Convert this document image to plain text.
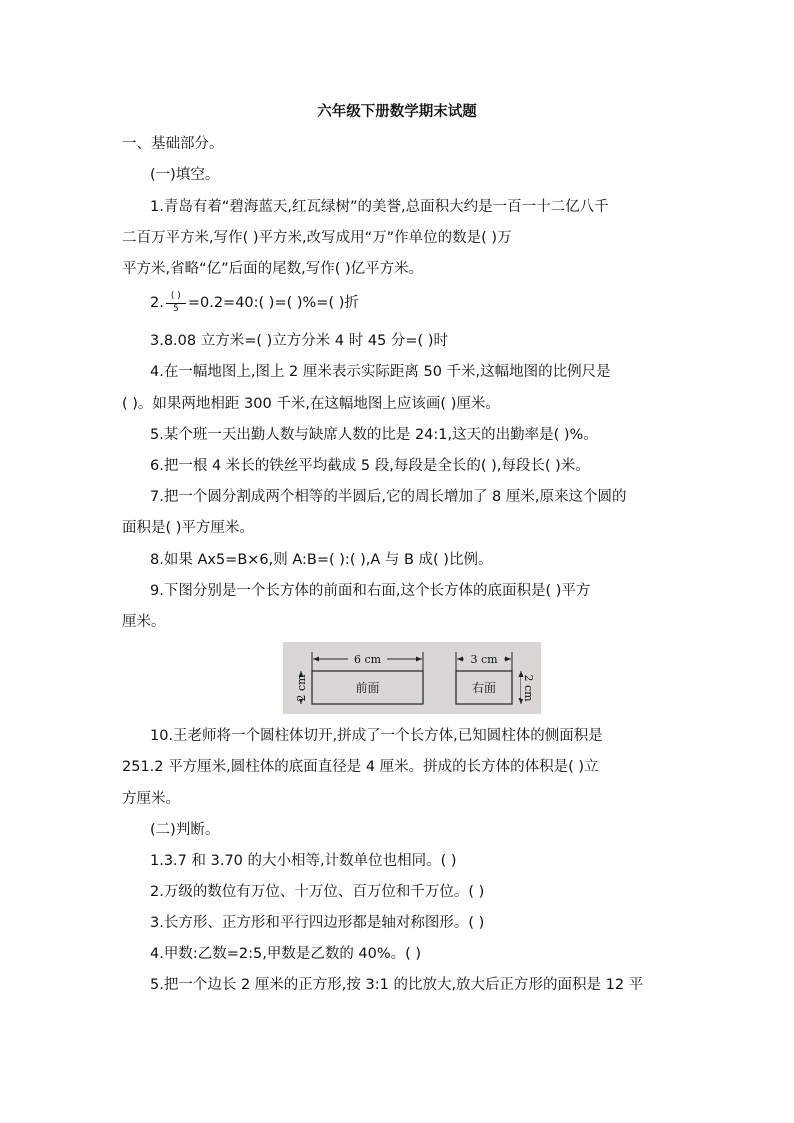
六年级下册数学期末试题
一、基础部分。
(一)填空。
1.青岛有着“碧海蓝天,红瓦绿树”的美誉,总面积大约是一百一十二亿八千
二百万平方米,写作( )平方米,改写成用“万”作单位的数是( )万
平方米,省略“亿”后面的尾数,写作( )亿平方米。
2. $\frac{( )}{5}$ =0.2=40:( )=( )%=( )折
3.8.08 立方米=( )立方分米 4 时 45 分=( )时
4.在一幅地图上,图上 2 厘米表示实际距离 50 千米,这幅地图的比例尺是
( )。如果两地相距 300 千米,在这幅地图上应该画( )厘米。
5.某个班一天出勤人数与缺席人数的比是 24:1,这天的出勤率是( )%。
6.把一根 4 米长的铁丝平均截成 5 段,每段是全长的( ),每段长( )米。
7.把一个圆分割成两个相等的半圆后,它的周长增加了 8 厘米,原来这个圆的
面积是( )平方厘米。
8.如果 Ax5=B×6,则 A:B=( ):( ),A 与 B 成( )比例。
9.下图分别是一个长方体的前面和右面,这个长方体的底面积是( )平方
厘米。
6 cm
前面
2 cm
3 cm
右面 2 cm
10.王老师将一个圆柱体切开,拼成了一个长方体,已知圆柱体的侧面积是
251.2 平方厘米,圆柱体的底面直径是 4 厘米。拼成的长方体的体积是( )立
方厘米。
(二)判断。
1.3.7 和 3.70 的大小相等,计数单位也相同。( )
2.万级的数位有万位、十万位、百万位和千万位。( )
3.长方形、正方形和平行四边形都是轴对称图形。( )
4.甲数:乙数=2:5,甲数是乙数的 40%。( )
5.把一个边长 2 厘米的正方形,按 3:1 的比放大,放大后正方形的面积是 12 平
